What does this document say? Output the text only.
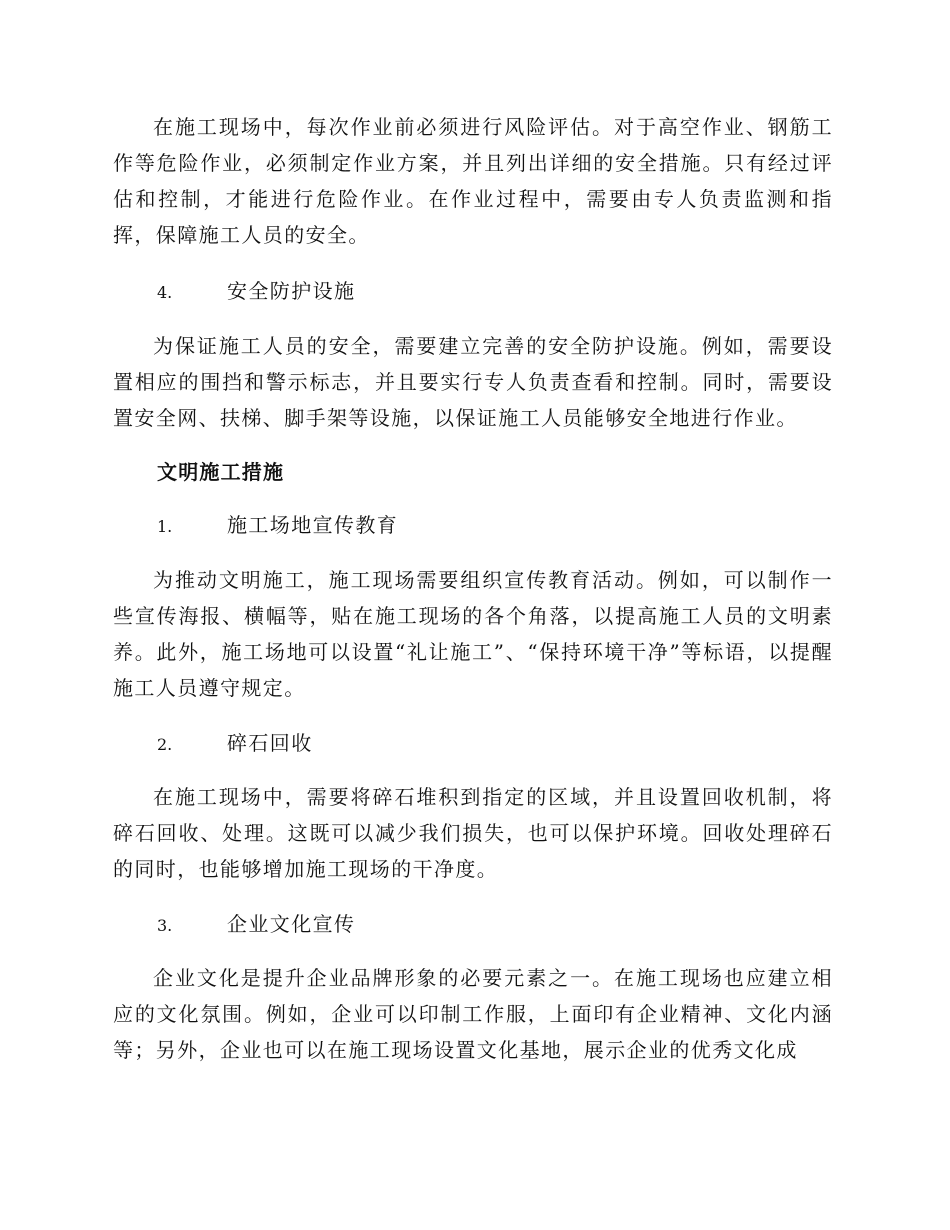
在施工现场中，每次作业前必须进行风险评估。对于高空作业、钢筋工作等危险作业，必须制定作业方案，并且列出详细的安全措施。只有经过评估和控制，才能进行危险作业。在作业过程中，需要由专人负责监测和指挥，保障施工人员的安全。

4.	安全防护设施

为保证施工人员的安全，需要建立完善的安全防护设施。例如，需要设置相应的围挡和警示标志，并且要实行专人负责查看和控制。同时，需要设置安全网、扶梯、脚手架等设施，以保证施工人员能够安全地进行作业。

文明施工措施

1.	施工场地宣传教育

为推动文明施工，施工现场需要组织宣传教育活动。例如，可以制作一些宣传海报、横幅等，贴在施工现场的各个角落，以提高施工人员的文明素养。此外，施工场地可以设置“礼让施工”、“保持环境干净”等标语，以提醒施工人员遵守规定。

2.	碎石回收

在施工现场中，需要将碎石堆积到指定的区域，并且设置回收机制，将碎石回收、处理。这既可以减少我们损失，也可以保护环境。回收处理碎石的同时，也能够增加施工现场的干净度。

3.	企业文化宣传

企业文化是提升企业品牌形象的必要元素之一。在施工现场也应建立相应的文化氛围。例如，企业可以印制工作服，上面印有企业精神、文化内涵等；另外，企业也可以在施工现场设置文化基地，展示企业的优秀文化成
